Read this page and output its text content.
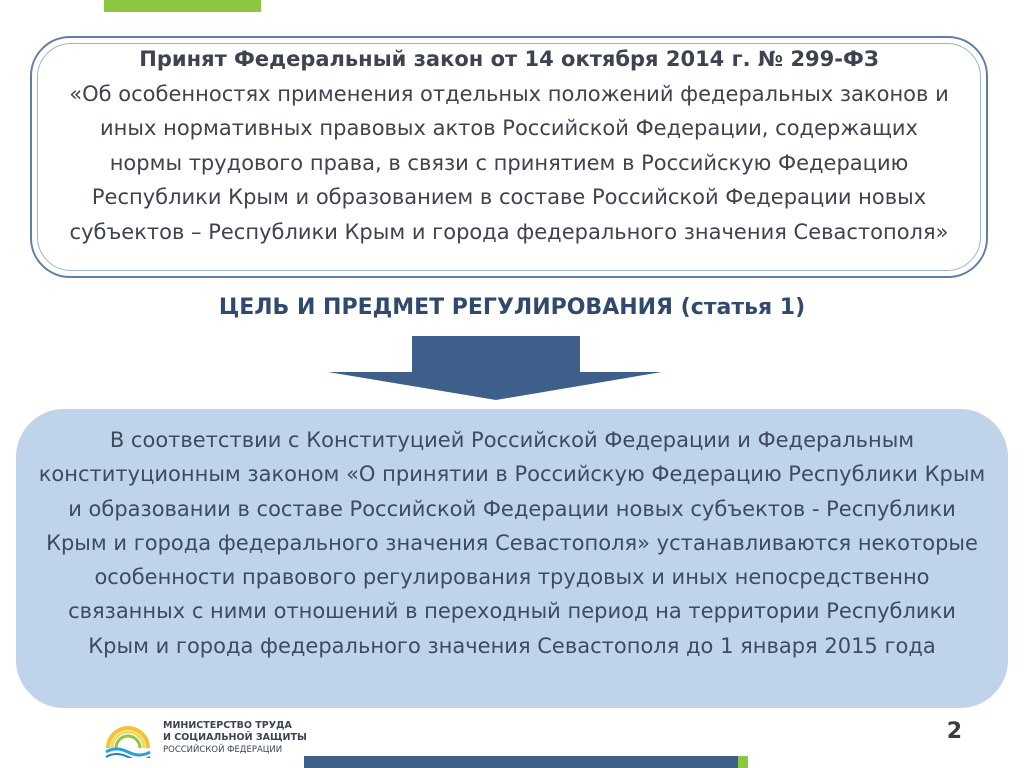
Принят Федеральный закон от 14 октября 2014 г. № 299-ФЗ
«Об особенностях применения отдельных положений федеральных законов и иных нормативных правовых актов Российской Федерации, содержащих нормы трудового права, в связи с принятием в Российскую Федерацию Республики Крым и образованием в составе Российской Федерации новых субъектов – Республики Крым и города федерального значения Севастополя»
ЦЕЛЬ И ПРЕДМЕТ РЕГУЛИРОВАНИЯ (статья 1)
В соответствии с Конституцией Российской Федерации и Федеральным конституционным законом «О принятии в Российскую Федерацию Республики Крым и образовании в составе Российской Федерации новых субъектов - Республики Крым и города федерального значения Севастополя» устанавливаются некоторые особенности правового регулирования трудовых и иных непосредственно связанных с ними отношений в переходный период на территории Республики Крым и города федерального значения Севастополя до 1 января 2015 года
МИНИСТЕРСТВО ТРУДА
И СОЦИАЛЬНОЙ ЗАЩИТЫ
РОССИЙСКОЙ ФЕДЕРАЦИИ
2
